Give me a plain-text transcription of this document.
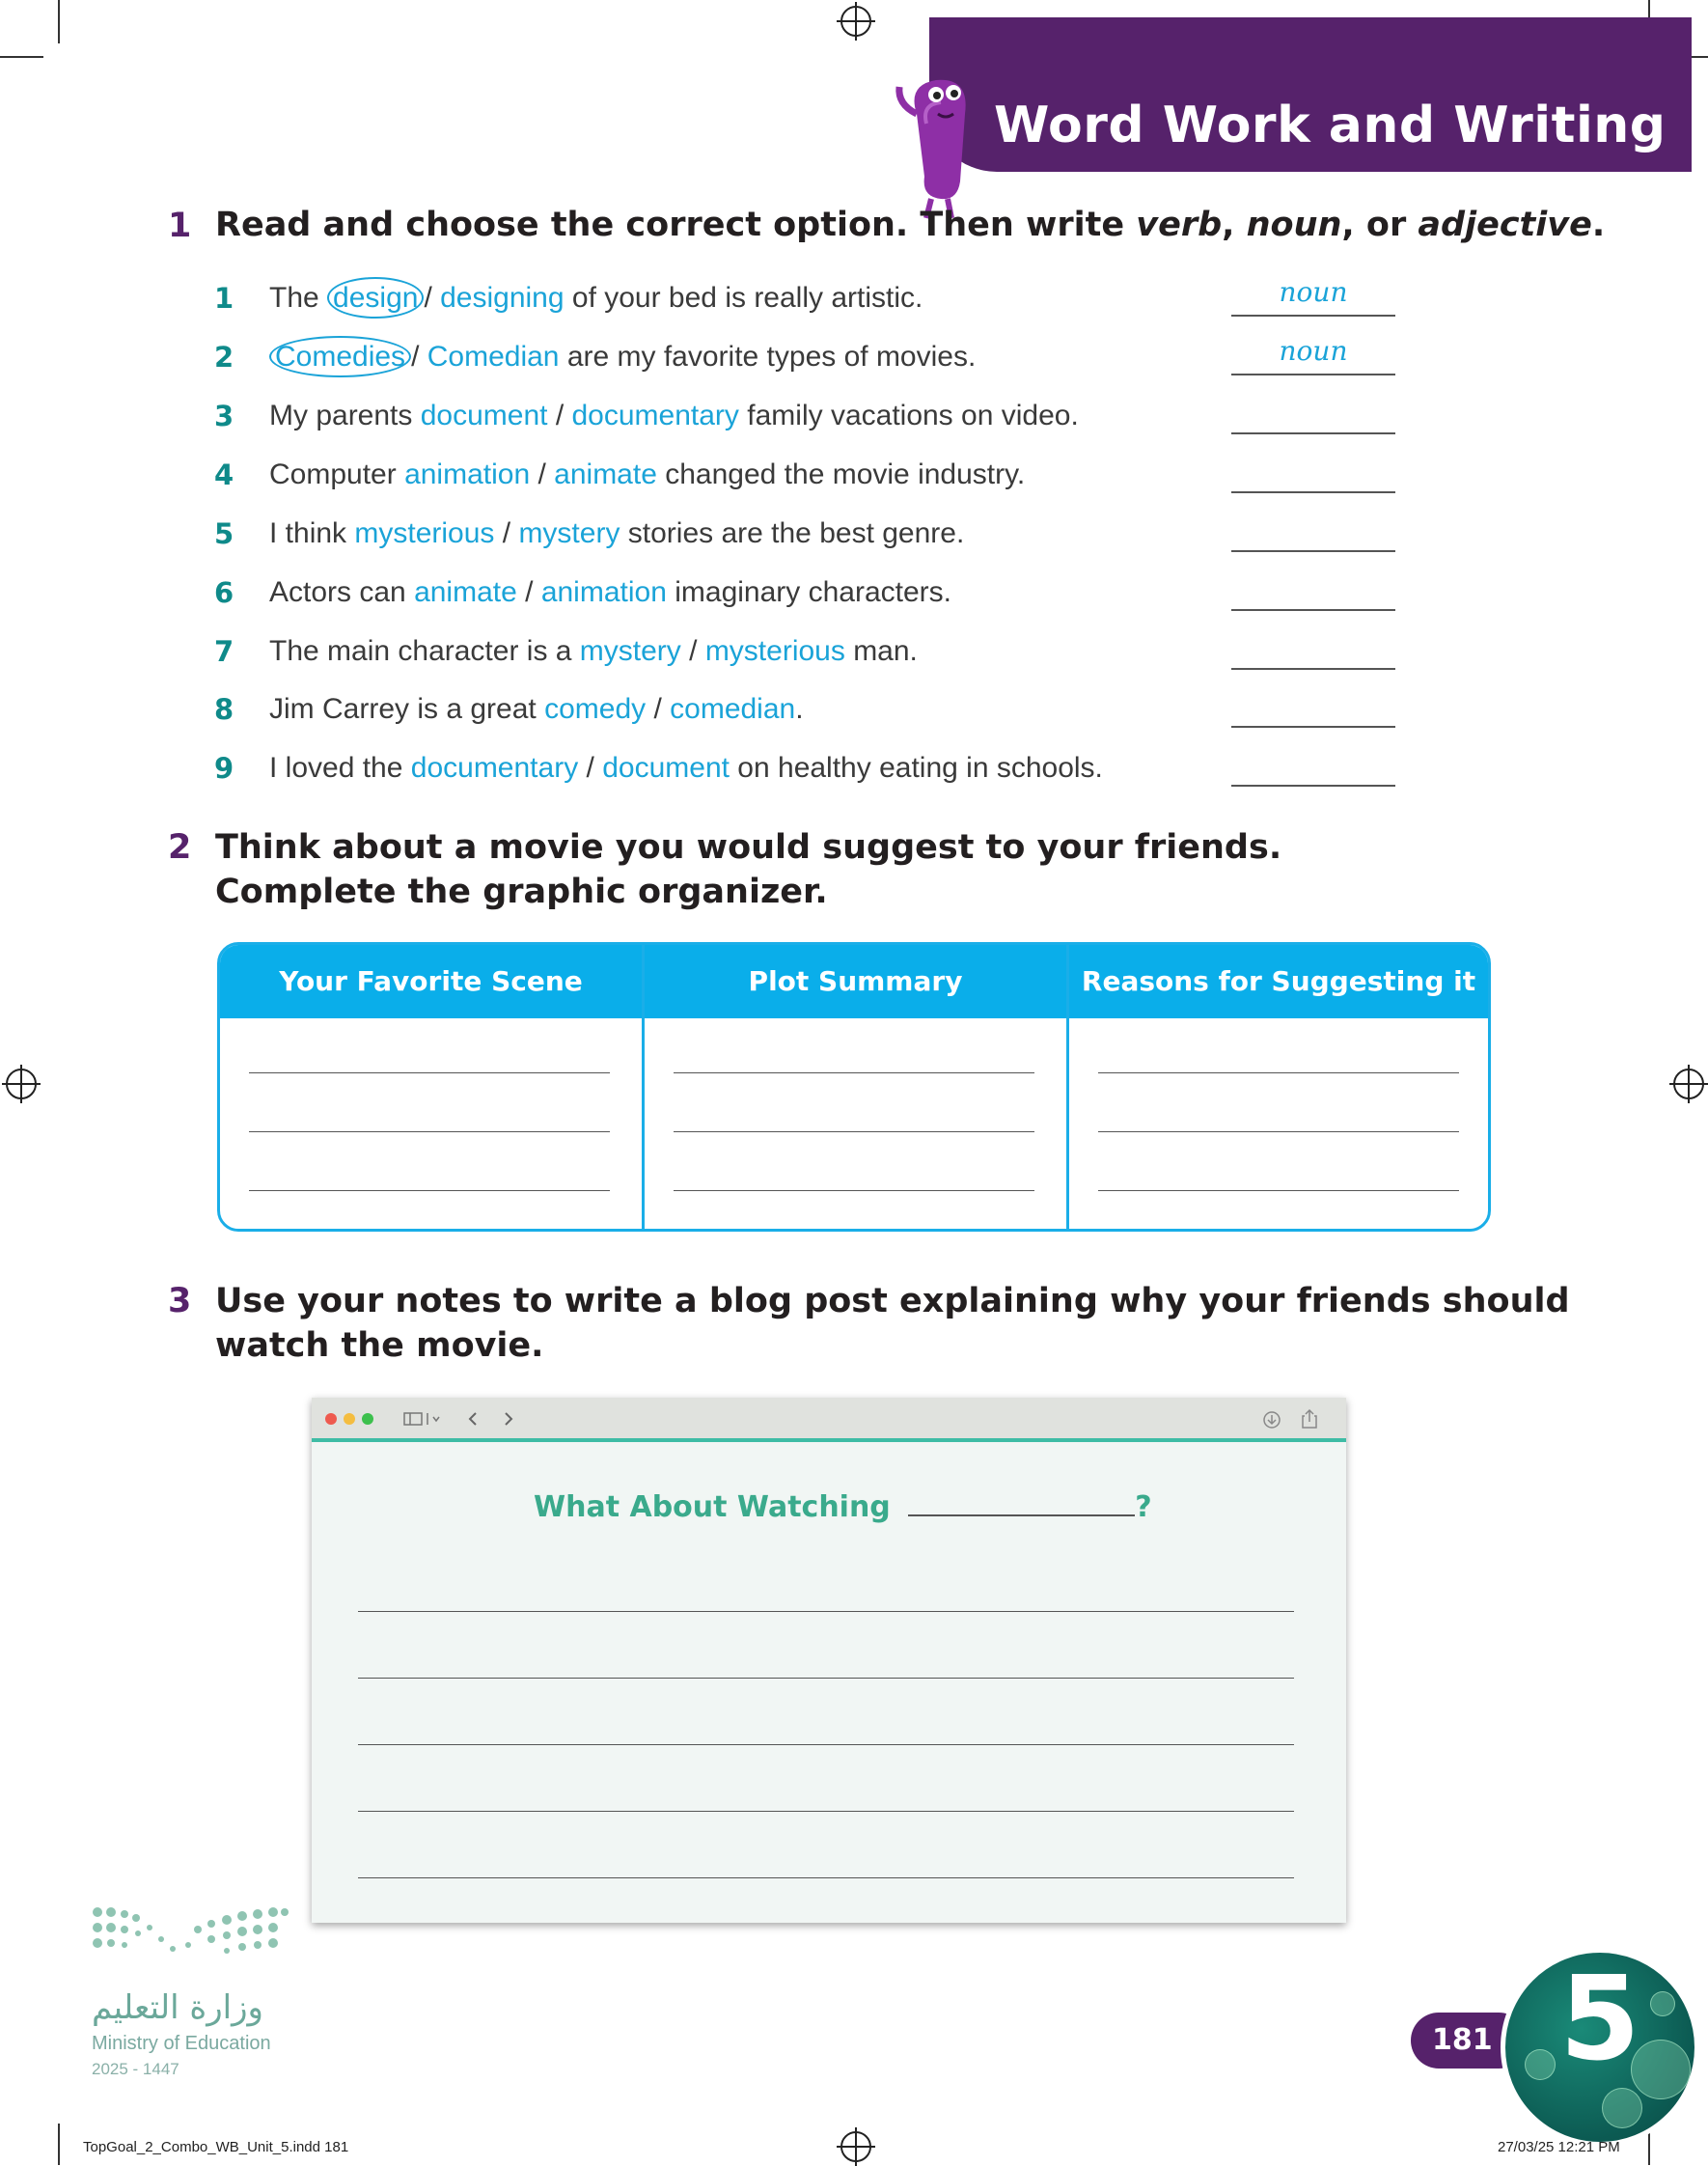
Word Work and Writing
1 Read and choose the correct option. Then write verb, noun, or adjective.
1 The design / designing of your bed is really artistic.	noun
2 Comedies / Comedian are my favorite types of movies.	noun
3 My parents document / documentary family vacations on video.
4 Computer animation / animate changed the movie industry.
5 I think mysterious / mystery stories are the best genre.
6 Actors can animate / animation imaginary characters.
7 The main character is a mystery / mysterious man.
8 Jim Carrey is a great comedy / comedian.
9 I loved the documentary / document on healthy eating in schools.
2 Think about a movie you would suggest to your friends.
Complete the graphic organizer.
Your Favorite Scene	Plot Summary	Reasons for Suggesting it
3 Use your notes to write a blog post explaining why your friends should
watch the movie.
What About Watching	?
وزارة التعليم
Ministry of Education
2025 - 1447
181 5
TopGoal_2_Combo_WB_Unit_5.indd 181	27/03/25 12:21 PM
